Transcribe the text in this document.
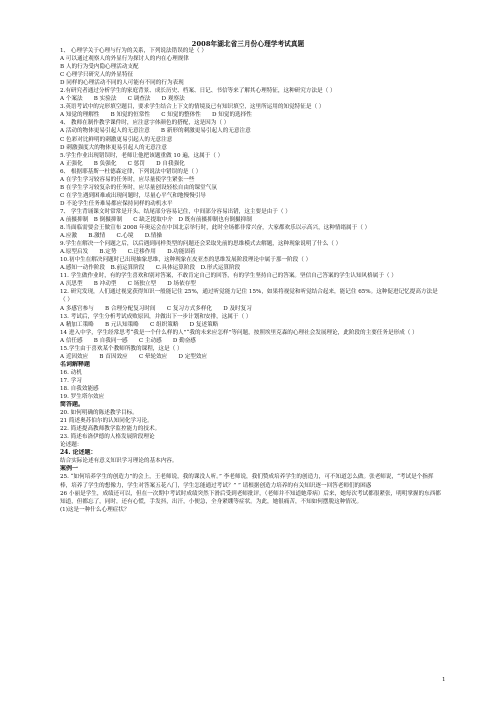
2008年湖北省三月份心理学考试真题
1、 心理学关于心理与行为的关系，下列说法错误的是（ ）
A 可以通过观察人的外显行为探讨人的内在心理规律
B 人的行为受内隐心理活动支配
C 心理学只研究人的外显特征
D 同样的心理活动不同的人可能有不同的行为表现
2.有研究者通过分析学生的家庭背景、成长历史、档案、日记、书信等来了解其心理特征，这种研究方法是（ ）
A 个案法　　B 实验法　　C 调查法　　D 观察法
3.英语考试中的完形填空题目，要求学生结合上下文的情境及已有知识填空，这里所运用的知觉特征是（ ）
A 知觉的理解性　　B 知觉的恒常性　　C 知觉的整体性　　D 知觉的选择性
4、 教师在制作教学课件时，应注意字体颜色的搭配，这是因为（ ）
A 活动的物体更易引起人的无意注意　　B 新形的刺激更易引起人的无意注意
C 色彩对比鲜明的刺激更易引起人的无意注意
D 刺激强度大的物体更易引起人的无意注意
5.学生作业出现错误时，老师让他把该题重做 10 遍，这属于（ ）
A 正强化　　B 负强化　　C 惩罚　　D 自我强化
6、 根据耶基斯一杜德森定律，下列说法中错误的是（ ）
A 在学生学习较容易的任务时，应尽量使学生紧张一些
B 在学生学习较复杂的任务时，应尽量创设轻松自由的课堂气氛
C 在学生遇到困难或出现问题时，尽量心平气和地慢慢引导
D 不论学生任务难易都应保持同样的动机水平
7、 学生背诵课文时常常是开头、结尾部分容易记住，中间部分容易出错，这主要是由于（ ）
A 前摄抑制　B 倒摄抑制　　C 缺乏提取中介　D 既有前摄抑制也有倒摄抑制
8.当面临需要会王做宣布 2008 年奥运会在中国北京举行时，此时全场都非常兴奋，大家都欢乐以示高兴，这种情绪属于（ ）
A.应激　　B.激情　　C.心境　　D.情操
9.学生在解决一个问题之后，以后遇到同样类型的问题还会采取先前的思维模式去解题，这种现象说明了什么（ ）
A.原型启发　　B.定势　　C.迁移作用　　D.功能固着
10.初中生在解决问题时已出现抽象思维，这种现象在皮亚杰的思维发展阶段理论中属于那一阶段（ ）
A.感知一动作阶段　B.前运算阶段　　C.具体运算阶段　D.形式运算阶段
11. 学生做作业时，有的学生喜欢和别对答案，不敢肯定自己的回答，有的学生坚持自己的答案。坚信自己答案的学生认知风格属于（ ）
A 沉思型　　B 冲动型　　C 场独立型　　D 场依存型
12. 研究发现，人们通过视觉获得知识一般能记住 25%，通过听觉能力记住 15%，如果将视觉和听觉结合起来，能记住 65%。这种促进记忆提高方法是（ ）
A 多感官参与　　B 合理分配复习时间　　C 复习方式多样化　　D 及时复习
13. 考试后，学生分析考试成败原因，并做出下一步计划和安排，这属于（ ）
A 精加工策略　　B 元认知策略　　C 组织策略　　D 复述策略
14 进入中学，学生经常思考“我是一个什么样的人”“我的未来应怎样”等问题，按照埃里克森的心理社会发展理论，此阶段的主要任务是形成（ ）
A 信任感　　B 自我同一感　　C 主动感　　D 勤奋感
15.学生由于喜欢某个教师所教的课程，这是（ ）
A 近因效应　　B 首因效应　　C 晕轮效应　　D 定型效应
名词解释题
16. 动机
17. 学习
18. 自我效能感
19. 罗生塔尔效应
简答题。
20. 如何明确的陈述教学目标。
21 简述奥苏伯尔的认知同化学习论。
22. 简述提高教师教学监控能力的技术。
23. 简述布洛伊德的人格发展阶段理论
论述题：
24. 论述题：
结合实际论述有意义知识学习理论的基本内容。
案例一
25. “如何培养学生的创造力”的会上，王老师说，我的课没人听。” 李老师说，我们赞成培养学生的创造力，可不知道怎么做。张老师说，“考试是个指挥棒，培养了学生的想像力，学生对答案五花八门，学生怎能通过考试？” ” 请根据创造力培养的有关知识逐一回答老师们的困惑
26 小丽是学生，成绩还可以，但在一次期中考试时成绩突然下滑后受到老师批评，（老师并不知道她带病）后来，她每次考试都很紧张，明明掌握的东西都知道，但都忘了，同时，还有心慌，手发抖，出汗，小便急，全身紧绷等症状。为此，她很痛苦，不知如何摆脱这种情况。
(1)这是一种什么心理症状？
1
